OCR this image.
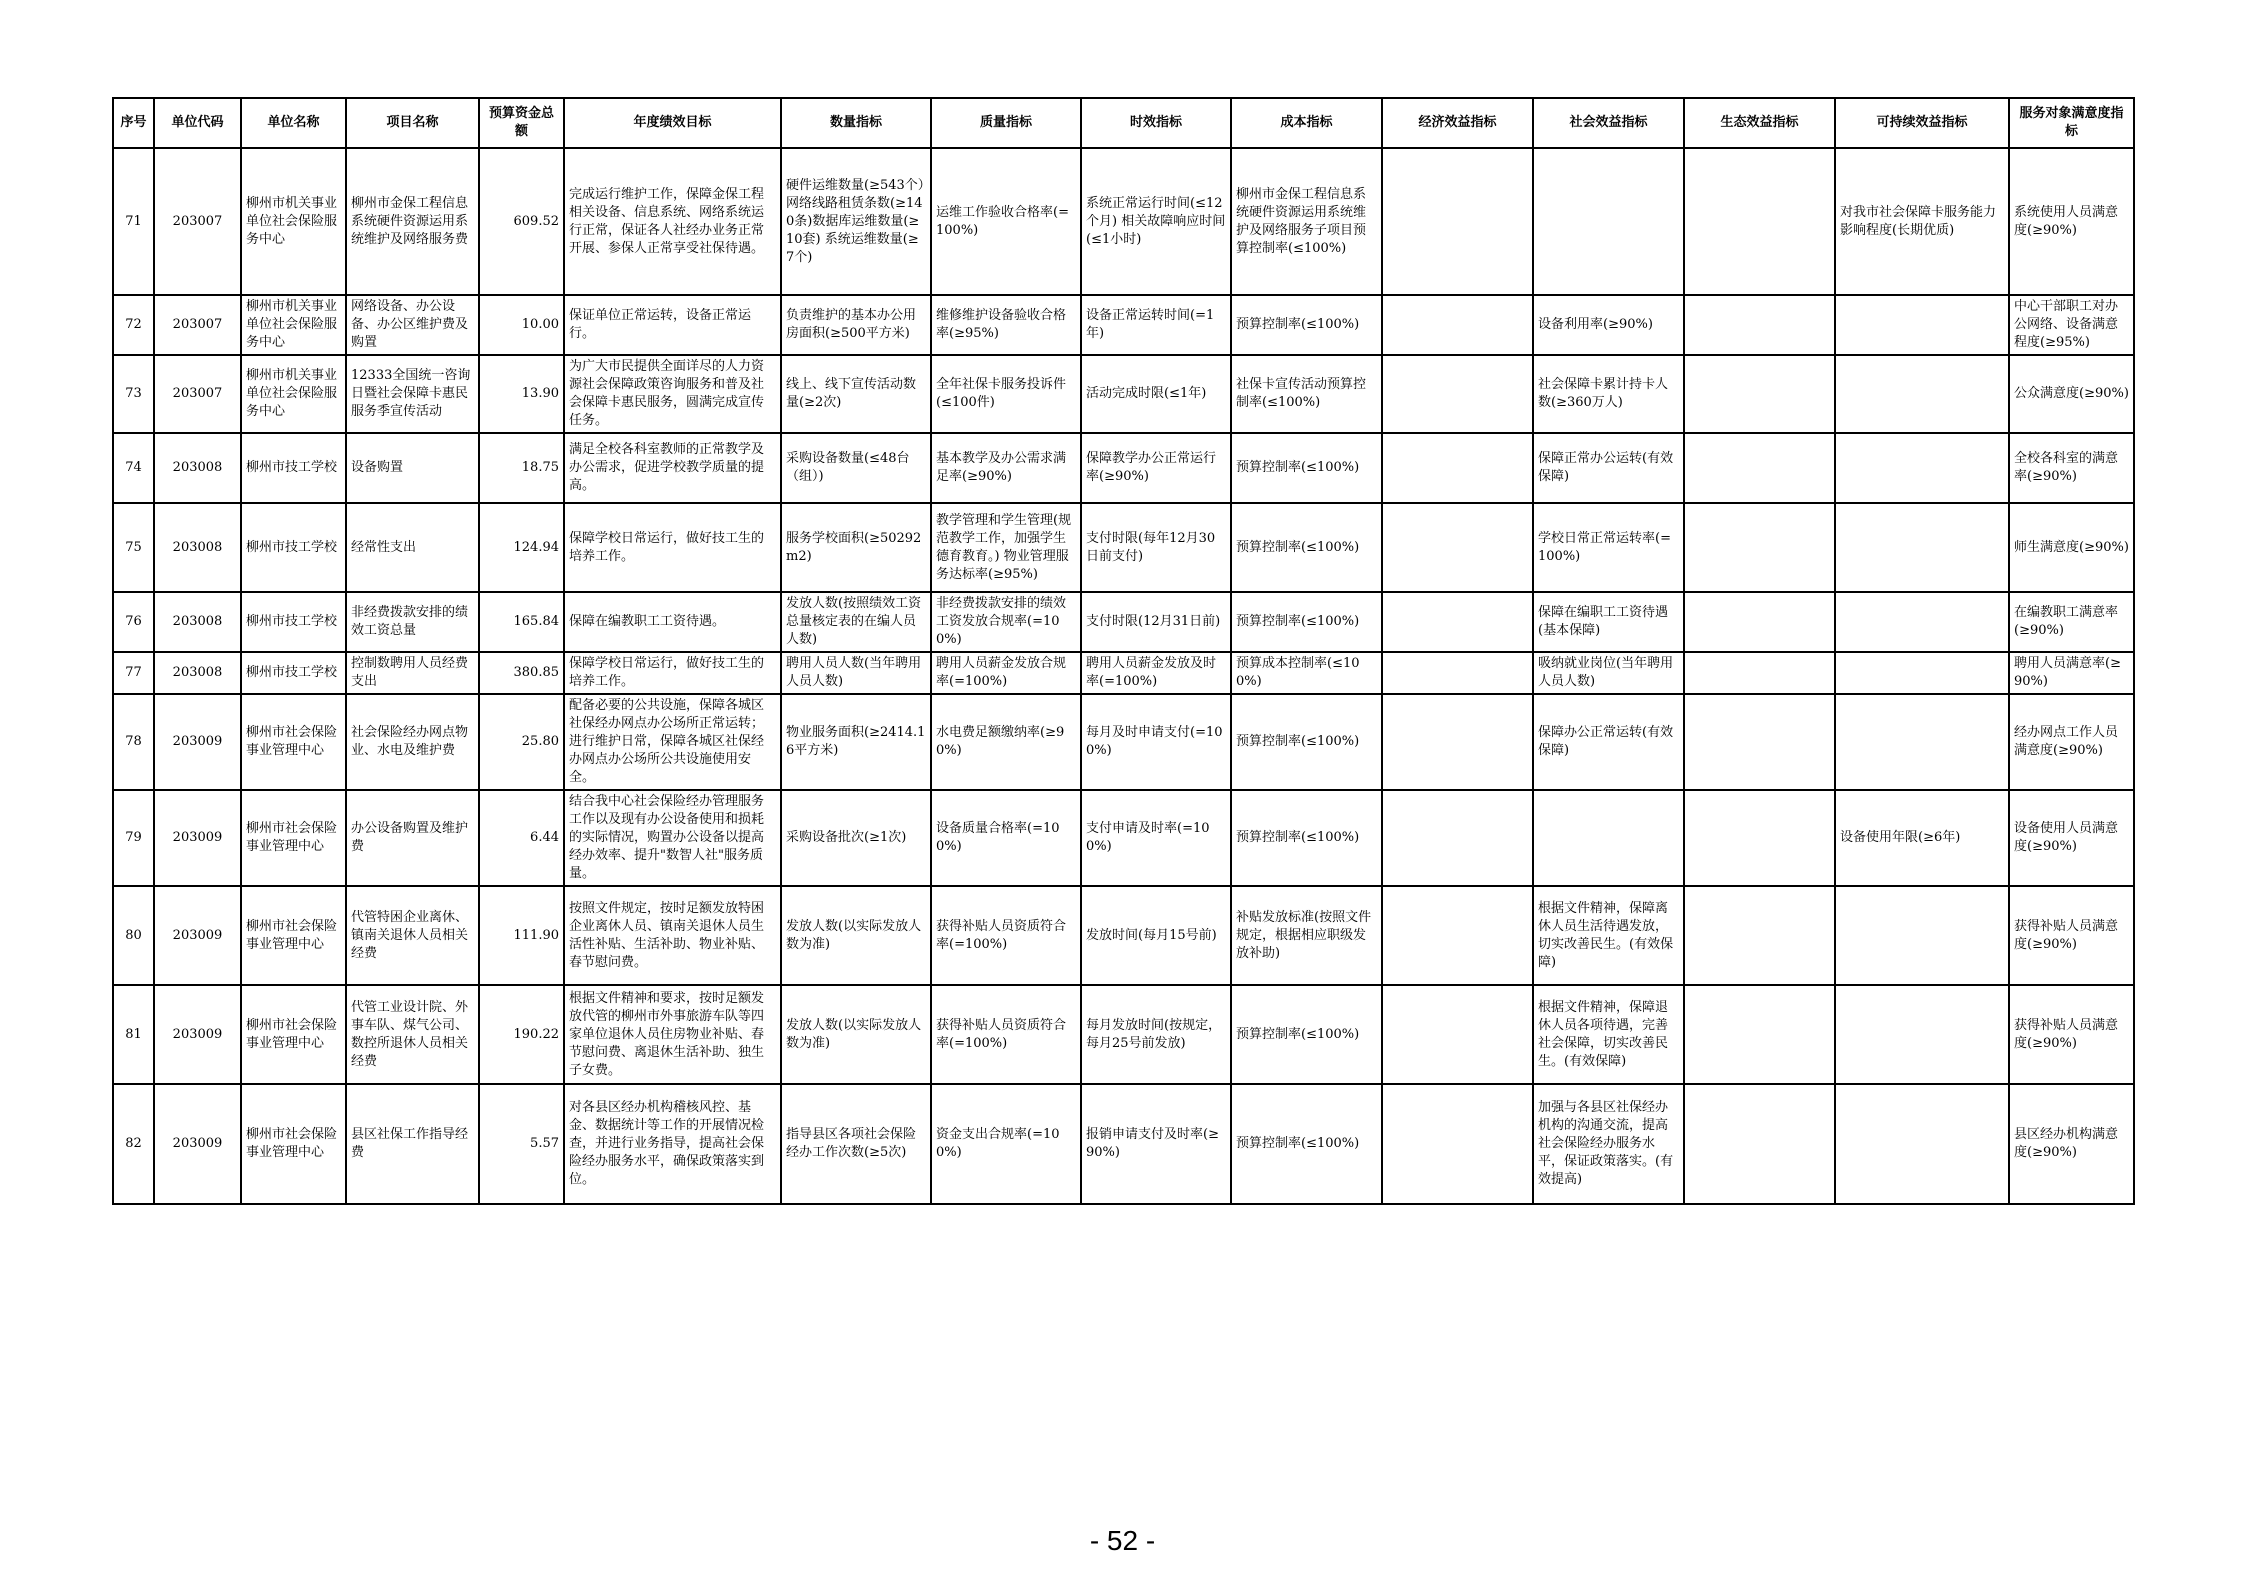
序号	单位代码	单位名称	项目名称	预算资金总额	年度绩效目标	数量指标	质量指标	时效指标	成本指标	经济效益指标	社会效益指标	生态效益指标	可持续效益指标	服务对象满意度指标
71	203007	柳州市机关事业单位社会保险服务中心	柳州市金保工程信息系统硬件资源运用系统维护及网络服务费	609.52	完成运行维护工作，保障金保工程相关设备、信息系统、网络系统运行正常，保证各人社经办业务正常开展、参保人正常享受社保待遇。	硬件运维数量(≥543个）网络线路租赁条数(≥140条)数据库运维数量(≥10套) 系统运维数量(≥7个)	运维工作验收合格率(=100%)	系统正常运行时间(≤12个月) 相关故障响应时间(≤1小时)	柳州市金保工程信息系统硬件资源运用系统维护及网络服务子项目预算控制率(≤100%)				对我市社会保障卡服务能力影响程度(长期优质)	系统使用人员满意度(≥90%)
72	203007	柳州市机关事业单位社会保险服务中心	网络设备、办公设备、办公区维护费及购置	10.00	保证单位正常运转，设备正常运行。	负责维护的基本办公用房面积(≥500平方米)	维修维护设备验收合格率(≥95%)	设备正常运转时间(=1年)	预算控制率(≤100%)		设备利用率(≥90%)			中心干部职工对办公网络、设备满意程度(≥95%)
73	203007	柳州市机关事业单位社会保险服务中心	12333全国统一咨询日暨社会保障卡惠民服务季宣传活动	13.90	为广大市民提供全面详尽的人力资源社会保障政策咨询服务和普及社会保障卡惠民服务，圆满完成宣传任务。	线上、线下宣传活动数量(≥2次)	全年社保卡服务投诉件(≤100件)	活动完成时限(≤1年)	社保卡宣传活动预算控制率(≤100%)		社会保障卡累计持卡人数(≥360万人)			公众满意度(≥90%)
74	203008	柳州市技工学校	设备购置	18.75	满足全校各科室教师的正常教学及办公需求，促进学校教学质量的提高。	采购设备数量(≤48台（组）)	基本教学及办公需求满足率(≥90%)	保障教学办公正常运行率(≥90%)	预算控制率(≤100%)		保障正常办公运转(有效保障)			全校各科室的满意率(≥90%)
75	203008	柳州市技工学校	经常性支出	124.94	保障学校日常运行，做好技工生的培养工作。	服务学校面积(≥50292m2)	教学管理和学生管理(规范教学工作，加强学生德育教育。) 物业管理服务达标率(≥95%)	支付时限(每年12月30日前支付)	预算控制率(≤100%)		学校日常正常运转率(=100%)			师生满意度(≥90%)
76	203008	柳州市技工学校	非经费拨款安排的绩效工资总量	165.84	保障在编教职工工资待遇。	发放人数(按照绩效工资总量核定表的在编人员人数)	非经费拨款安排的绩效工资发放合规率(=100%)	支付时限(12月31日前)	预算控制率(≤100%)		保障在编职工工资待遇(基本保障)			在编教职工满意率(≥90%)
77	203008	柳州市技工学校	控制数聘用人员经费支出	380.85	保障学校日常运行，做好技工生的培养工作。	聘用人员人数(当年聘用人员人数)	聘用人员薪金发放合规率(=100%)	聘用人员薪金发放及时率(=100%)	预算成本控制率(≤100%)		吸纳就业岗位(当年聘用人员人数)			聘用人员满意率(≥90%)
78	203009	柳州市社会保险事业管理中心	社会保险经办网点物业、水电及维护费	25.80	配备必要的公共设施，保障各城区社保经办网点办公场所正常运转；进行维护日常，保障各城区社保经办网点办公场所公共设施使用安全。	物业服务面积(≥2414.16平方米)	水电费足额缴纳率(≥90%)	每月及时申请支付(=100%)	预算控制率(≤100%)		保障办公正常运转(有效保障)			经办网点工作人员满意度(≥90%)
79	203009	柳州市社会保险事业管理中心	办公设备购置及维护费	6.44	结合我中心社会保险经办管理服务工作以及现有办公设备使用和损耗的实际情况，购置办公设备以提高经办效率、提升"数智人社"服务质量。	采购设备批次(≥1次)	设备质量合格率(=100%)	支付申请及时率(=100%)	预算控制率(≤100%)				设备使用年限(≥6年)	设备使用人员满意度(≥90%)
80	203009	柳州市社会保险事业管理中心	代管特困企业离休、镇南关退休人员相关经费	111.90	按照文件规定，按时足额发放特困企业离休人员、镇南关退休人员生活性补贴、生活补助、物业补贴、春节慰问费。	发放人数(以实际发放人数为准)	获得补贴人员资质符合率(=100%)	发放时间(每月15号前)	补贴发放标准(按照文件规定，根据相应职级发放补助)		根据文件精神，保障离休人员生活待遇发放，切实改善民生。(有效保障)			获得补贴人员满意度(≥90%)
81	203009	柳州市社会保险事业管理中心	代管工业设计院、外事车队、煤气公司、数控所退休人员相关经费	190.22	根据文件精神和要求，按时足额发放代管的柳州市外事旅游车队等四家单位退休人员住房物业补贴、春节慰问费、离退休生活补助、独生子女费。	发放人数(以实际发放人数为准)	获得补贴人员资质符合率(=100%)	每月发放时间(按规定，每月25号前发放)	预算控制率(≤100%)		根据文件精神，保障退休人员各项待遇，完善社会保障，切实改善民生。(有效保障)			获得补贴人员满意度(≥90%)
82	203009	柳州市社会保险事业管理中心	县区社保工作指导经费	5.57	对各县区经办机构稽核风控、基金、数据统计等工作的开展情况检查，并进行业务指导，提高社会保险经办服务水平，确保政策落实到位。	指导县区各项社会保险经办工作次数(≥5次)	资金支出合规率(=100%)	报销申请支付及时率(≥90%)	预算控制率(≤100%)		加强与各县区社保经办机构的沟通交流，提高社会保险经办服务水平，保证政策落实。(有效提高)			县区经办机构满意度(≥90%)
- 52 -
